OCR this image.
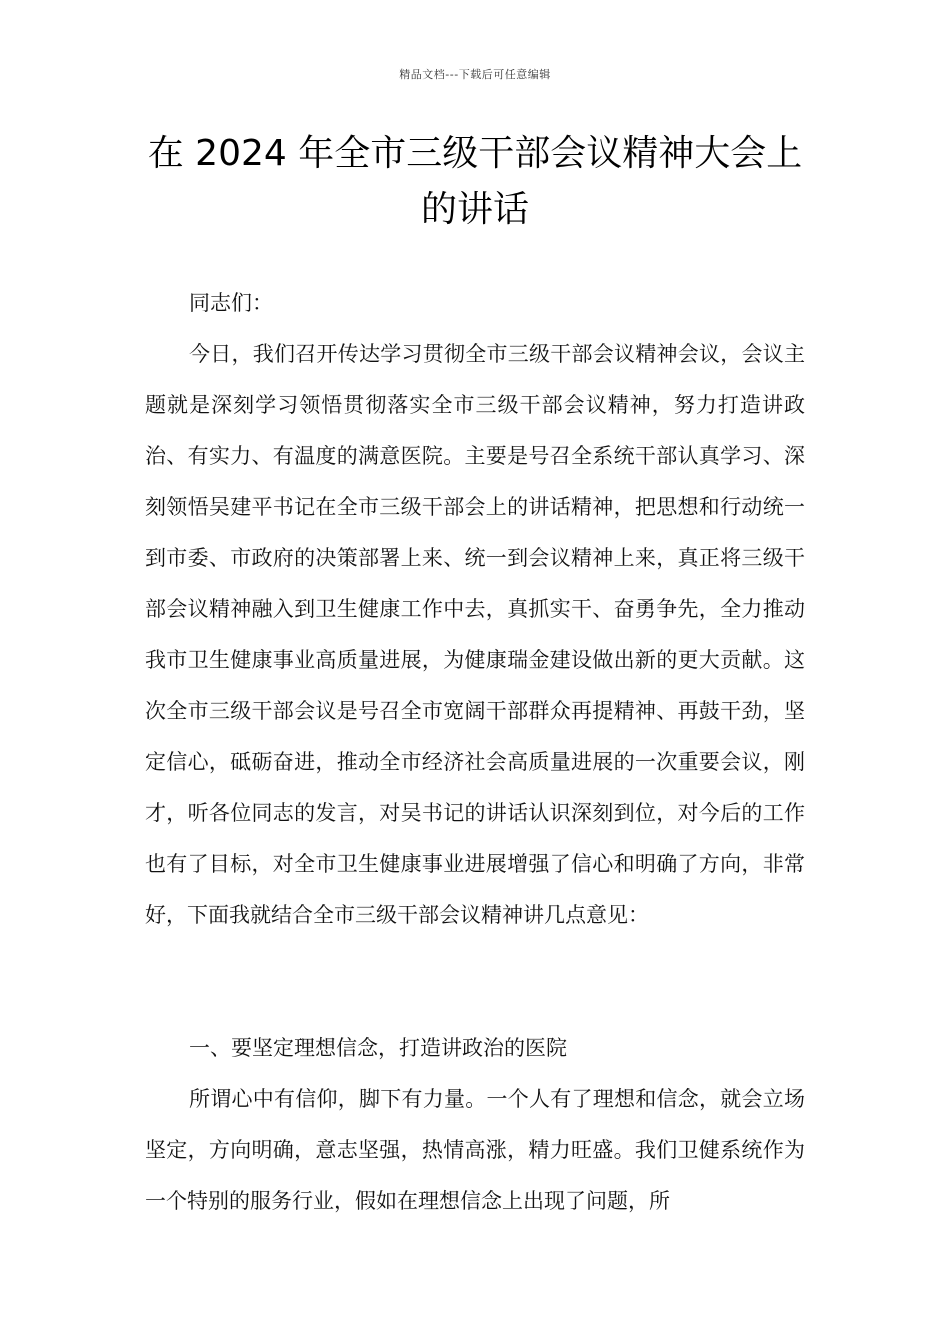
精品文档---下载后可任意编辑
在 2024 年全市三级干部会议精神大会上的讲话

同志们：

今日，我们召开传达学习贯彻全市三级干部会议精神会议，会议主题就是深刻学习领悟贯彻落实全市三级干部会议精神，努力打造讲政治、有实力、有温度的满意医院。主要是号召全系统干部认真学习、深刻领悟吴建平书记在全市三级干部会上的讲话精神，把思想和行动统一到市委、市政府的决策部署上来、统一到会议精神上来，真正将三级干部会议精神融入到卫生健康工作中去，真抓实干、奋勇争先，全力推动我市卫生健康事业高质量进展，为健康瑞金建设做出新的更大贡献。这次全市三级干部会议是号召全市宽阔干部群众再提精神、再鼓干劲，坚定信心，砥砺奋进，推动全市经济社会高质量进展的一次重要会议，刚才，听各位同志的发言，对吴书记的讲话认识深刻到位，对今后的工作也有了目标，对全市卫生健康事业进展增强了信心和明确了方向，非常好，下面我就结合全市三级干部会议精神讲几点意见：

一、要坚定理想信念，打造讲政治的医院

所谓心中有信仰，脚下有力量。一个人有了理想和信念，就会立场坚定，方向明确，意志坚强，热情高涨，精力旺盛。我们卫健系统作为一个特别的服务行业，假如在理想信念上出现了问题，所
